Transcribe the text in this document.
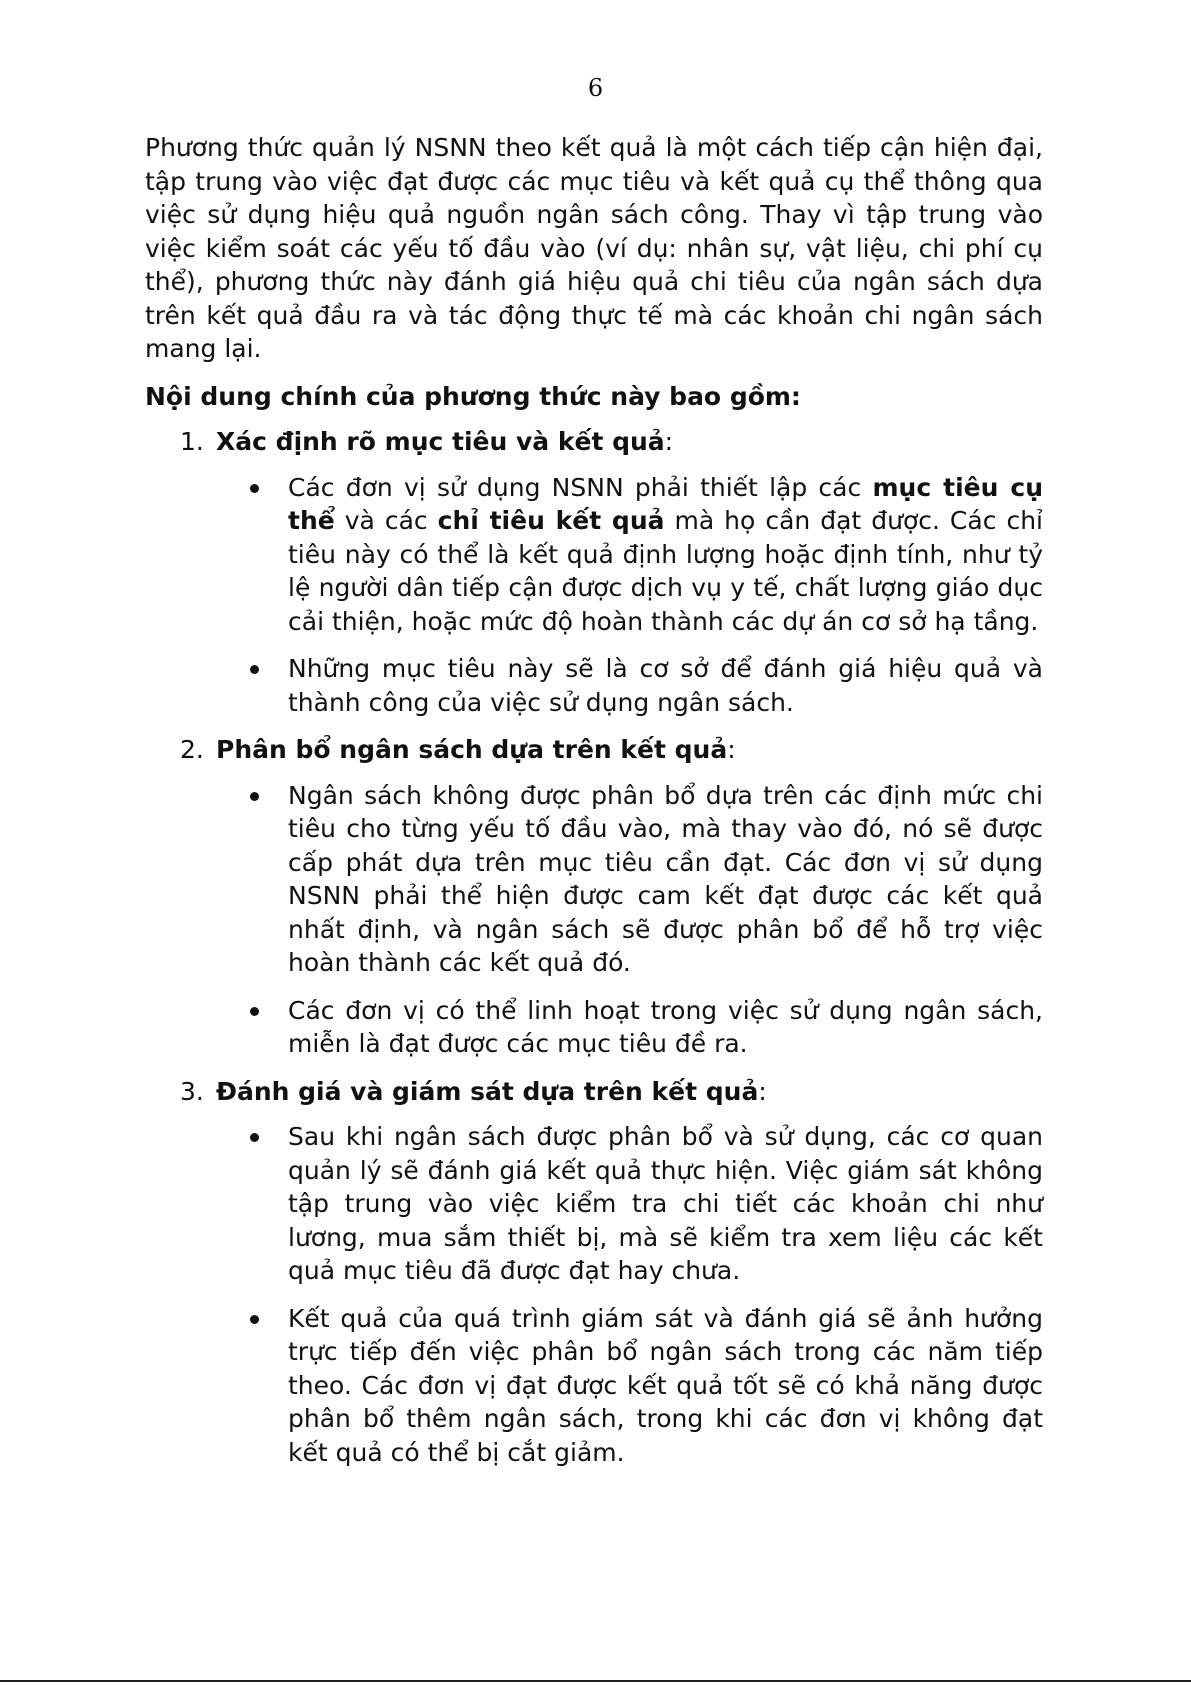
6

Phương thức quản lý NSNN theo kết quả là một cách tiếp cận hiện đại, tập trung vào việc đạt được các mục tiêu và kết quả cụ thể thông qua việc sử dụng hiệu quả nguồn ngân sách công. Thay vì tập trung vào việc kiểm soát các yếu tố đầu vào (ví dụ: nhân sự, vật liệu, chi phí cụ thể), phương thức này đánh giá hiệu quả chi tiêu của ngân sách dựa trên kết quả đầu ra và tác động thực tế mà các khoản chi ngân sách mang lại.

Nội dung chính của phương thức này bao gồm:

1. Xác định rõ mục tiêu và kết quả:

Các đơn vị sử dụng NSNN phải thiết lập các mục tiêu cụ thể và các chỉ tiêu kết quả mà họ cần đạt được. Các chỉ tiêu này có thể là kết quả định lượng hoặc định tính, như tỷ lệ người dân tiếp cận được dịch vụ y tế, chất lượng giáo dục cải thiện, hoặc mức độ hoàn thành các dự án cơ sở hạ tầng.
Những mục tiêu này sẽ là cơ sở để đánh giá hiệu quả và thành công của việc sử dụng ngân sách.

2. Phân bổ ngân sách dựa trên kết quả:

Ngân sách không được phân bổ dựa trên các định mức chi tiêu cho từng yếu tố đầu vào, mà thay vào đó, nó sẽ được cấp phát dựa trên mục tiêu cần đạt. Các đơn vị sử dụng NSNN phải thể hiện được cam kết đạt được các kết quả nhất định, và ngân sách sẽ được phân bổ để hỗ trợ việc hoàn thành các kết quả đó.
Các đơn vị có thể linh hoạt trong việc sử dụng ngân sách, miễn là đạt được các mục tiêu đề ra.

3. Đánh giá và giám sát dựa trên kết quả:

Sau khi ngân sách được phân bổ và sử dụng, các cơ quan quản lý sẽ đánh giá kết quả thực hiện. Việc giám sát không tập trung vào việc kiểm tra chi tiết các khoản chi như lương, mua sắm thiết bị, mà sẽ kiểm tra xem liệu các kết quả mục tiêu đã được đạt hay chưa.
Kết quả của quá trình giám sát và đánh giá sẽ ảnh hưởng trực tiếp đến việc phân bổ ngân sách trong các năm tiếp theo. Các đơn vị đạt được kết quả tốt sẽ có khả năng được phân bổ thêm ngân sách, trong khi các đơn vị không đạt kết quả có thể bị cắt giảm.
